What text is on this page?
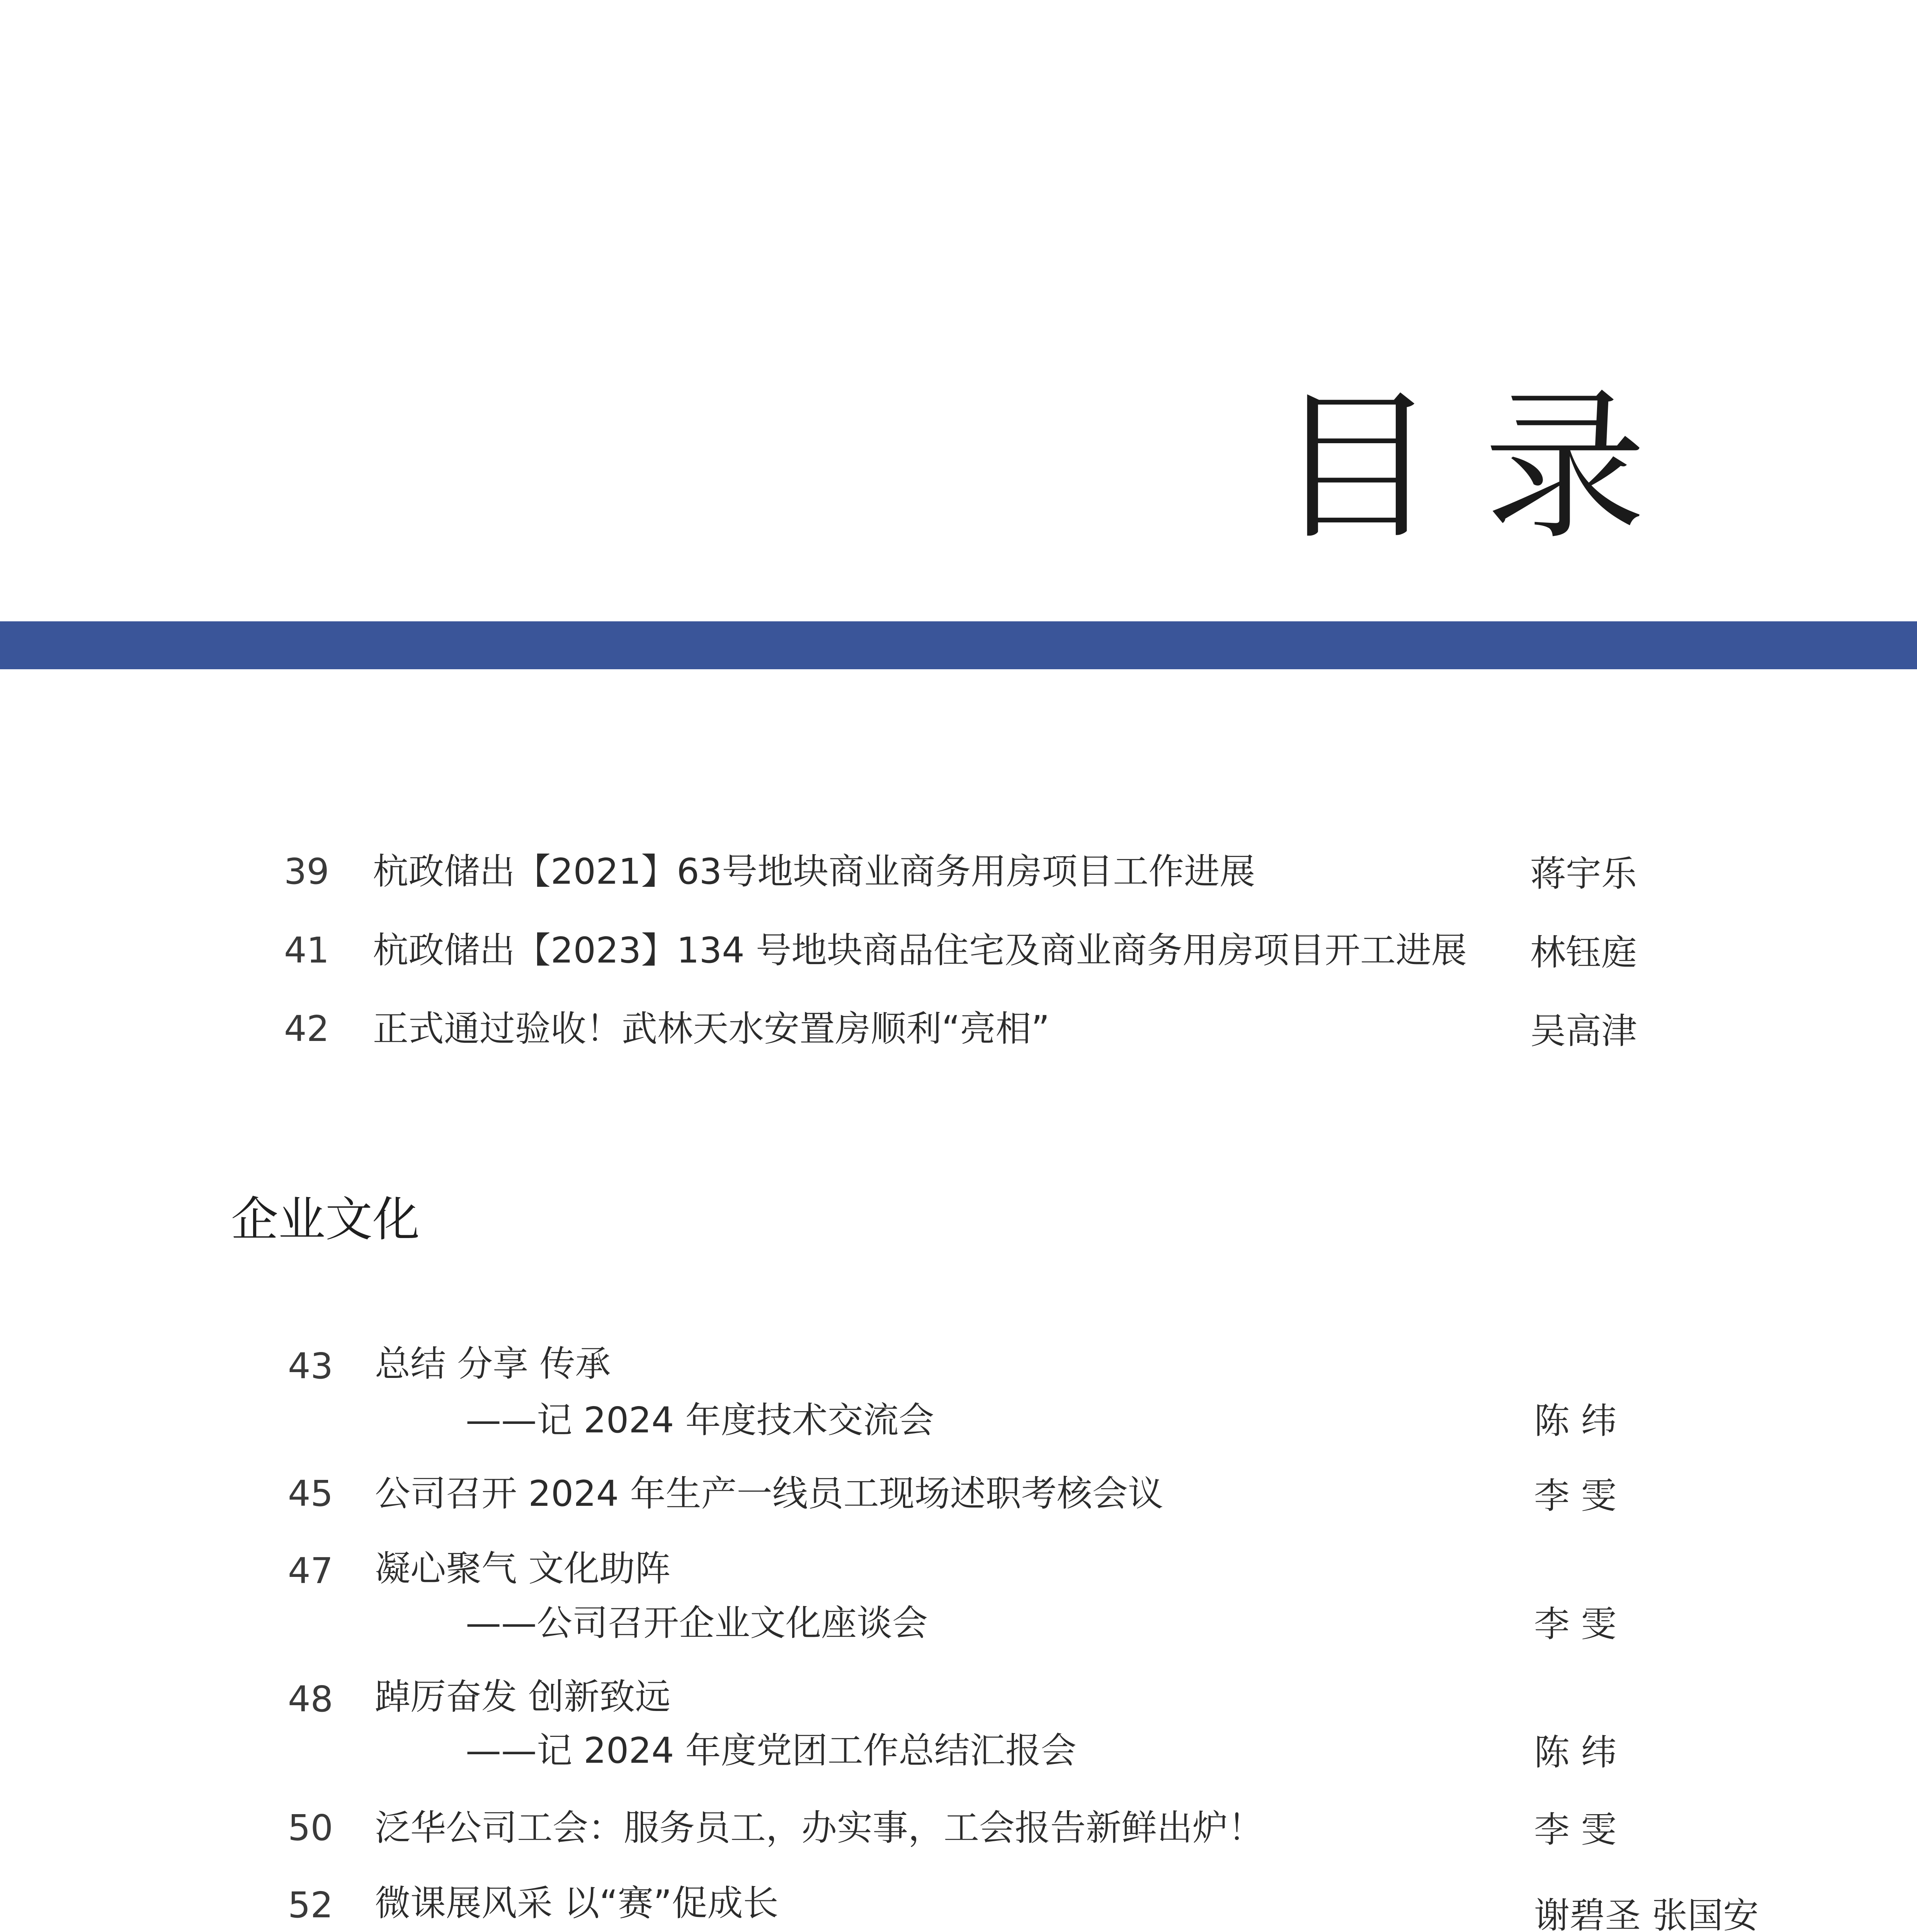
目录
39 杭政储出【2021】63号地块商业商务用房项目工作进展	蒋宇乐
41 杭政储出【2023】134 号地块商品住宅及商业商务用房项目开工进展 林钰庭
42 正式通过验收！武林天水安置房顺利“亮相”	吴高津
企业文化
43 总结 分享 传承
——记 2024 年度技术交流会	陈 纬
45 公司召开 2024 年生产一线员工现场述职考核会议	李 雯
47 凝心聚气 文化助阵
——公司召开企业文化座谈会	李 雯
48 踔厉奋发 创新致远
——记 2024 年度党团工作总结汇报会	陈 纬
50 泛华公司工会：服务员工，办实事，工会报告新鲜出炉！	李 雯
52 微课展风采 以“赛”促成长	谢碧圣 张国安
